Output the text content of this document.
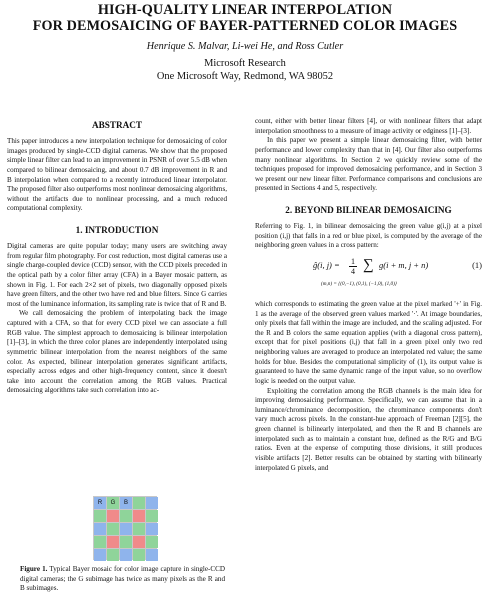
HIGH-QUALITY LINEAR INTERPOLATION
FOR DEMOSAICING OF BAYER-PATTERNED COLOR IMAGES
Henrique S. Malvar, Li-wei He, and Ross Cutler
Microsoft Research
One Microsoft Way, Redmond, WA 98052

ABSTRACT

This paper introduces a new interpolation technique for demosaicing of color images produced by single-CCD digital cameras. We show that the proposed simple linear filter can lead to an improvement in PSNR of over 5.5 dB when compared to bilinear demosaicing, and about 0.7 dB improvement in R and B interpolation when compared to a recently introduced linear interpolator. The proposed filter also outperforms most nonlinear demosaicing algorithms, without the artifacts due to nonlinear processing, and a much reduced computational complexity.

1. INTRODUCTION

Digital cameras are quite popular today; many users are switching away from regular film photography. For cost reduction, most digital cameras use a single charge-coupled device (CCD) sensor, with the CCD pixels preceded in the optical path by a color filter array (CFA) in a Bayer mosaic pattern, as shown in Fig. 1. For each 2×2 set of pixels, two diagonally opposed pixels have green filters, and the other two have red and blue filters. Since G carries most of the luminance information, its sampling rate is twice that of R and B.

We call demosaicing the problem of interpolating back the image captured with a CFA, so that for every CCD pixel we can associate a full RGB value. The simplest approach to demosaicing is bilinear interpolation [1]–[3], in which the three color planes are independently interpolated using symmetric bilinear interpolation from the nearest neighbors of the same color. As expected, bilinear interpolation generates significant artifacts, especially across edges and other high-frequency content, since it doesn't take into account the correlation among the RGB values. Practical demosaicing algorithms take such correlation into ac-

R	G	B
Figure 1. Typical Bayer mosaic for color image capture in single-CCD digital cameras; the G subimage has twice as many pixels as the R and B subimages.

count, either with better linear filters [4], or with nonlinear filters that adapt interpolation smoothness to a measure of image activity or edginess [1]–[3].

In this paper we present a simple linear demosaicing filter, with better performance and lower complexity than that in [4]. Our filter also outperforms many nonlinear algorithms. In Section 2 we quickly review some of the techniques proposed for improved demosaicing performance, and in Section 3 we present our new linear filter. Performance comparisons and conclusions are presented in Sections 4 and 5, respectively.

2. BEYOND BILINEAR DEMOSAICING

Referring to Fig. 1, in bilinear demosaicing the green value g(i,j) at a pixel position (i,j) that falls in a red or blue pixel, is computed by the average of the neighboring green values in a cross pattern:

ĝ(i, j) = 1
4 ∑ g(i + m, j + n)	(1)
(m,n) = {(0,−1), (0,1), (−1,0), (1,0)}

which corresponds to estimating the green value at the pixel marked '+' in Fig. 1 as the average of the observed green values marked '·'. At image boundaries, only pixels that fall within the image are included, and the scaling adjusted. For the R and B colors the same equation applies (with a diagonal cross pattern), except that for pixel positions (i,j) that fall in a green pixel only two red neighboring values are averaged to produce an interpolated red value; the same holds for blue. Besides the computational simplicity of (1), its output value is guaranteed to have the same dynamic range of the input value, so no overflow logic is needed on the output value.

Exploiting the correlation among the RGB channels is the main idea for improving demosaicing performance. Specifically, we can assume that in a luminance/chrominance decomposition, the chrominance components don't vary much across pixels. In the constant-hue approach of Freeman [2][5], the green channel is bilinearly interpolated, and then the R and B channels are interpolated such as to maintain a constant hue, defined as the R/G and B/G ratios. Even at the expense of computing those divisions, it still produces visible artifacts [2]. Better results can be obtained by starting with bilinearly interpolated G pixels, and
